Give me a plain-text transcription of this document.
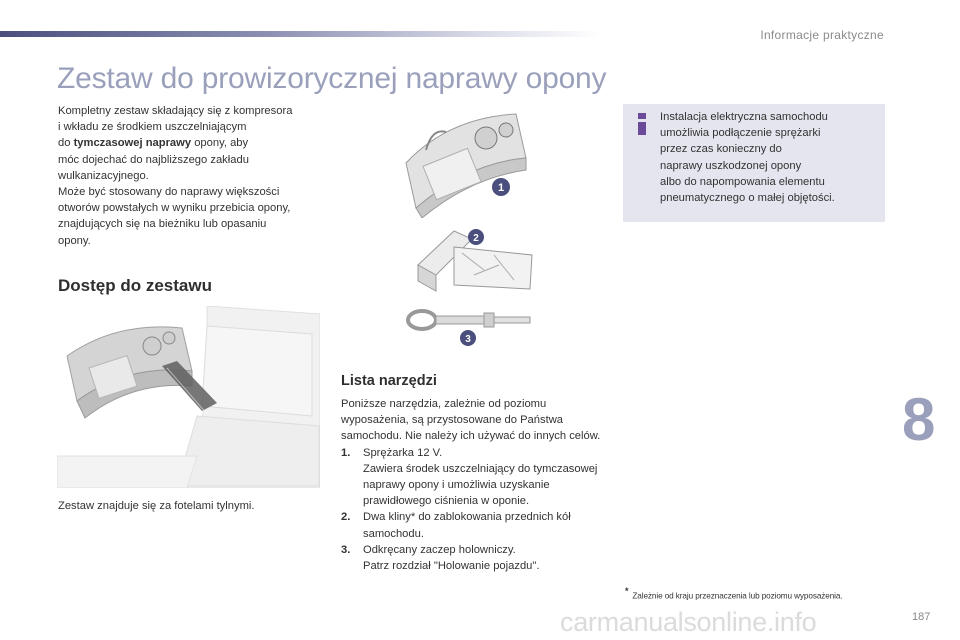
Informacje praktyczne
Zestaw do prowizorycznej naprawy opony

Kompletny zestaw składający się z kompresora

i wkładu ze środkiem uszczelniającym

do tymczasowej naprawy opony, aby

móc dojechać do najbliższego zakładu

wulkanizacyjnego.

Może być stosowany do naprawy większości

otworów powstałych w wyniku przebicia opony,

znajdujących się na bieżniku lub opasaniu

opony.

Dostęp do zestawu
Zestaw znajduje się za fotelami tylnymi.
1
2
3
Lista narzędzi
Poniższe narzędzia, zależnie od poziomu wyposażenia, są przystosowane do Państwa samochodu. Nie należy ich używać do innych celów.
1.	Sprężarka 12 V.
Zawiera środek uszczelniający do tymczasowej naprawy opony i umożliwia uzyskanie prawidłowego ciśnienia w oponie.
2.	Dwa kliny* do zablokowania przednich kół samochodu.
3.	Odkręcany zaczep holowniczy.
Patrz rozdział "Holowanie pojazdu".
Instalacja elektryczna samochodu
umożliwia podłączenie sprężarki
przez czas konieczny do
naprawy uszkodzonej opony
albo do napompowania elementu
pneumatycznego o małej objętości.
*Zależnie od kraju przeznaczenia lub poziomu wyposażenia.
8
carmanualsonline.info	187
